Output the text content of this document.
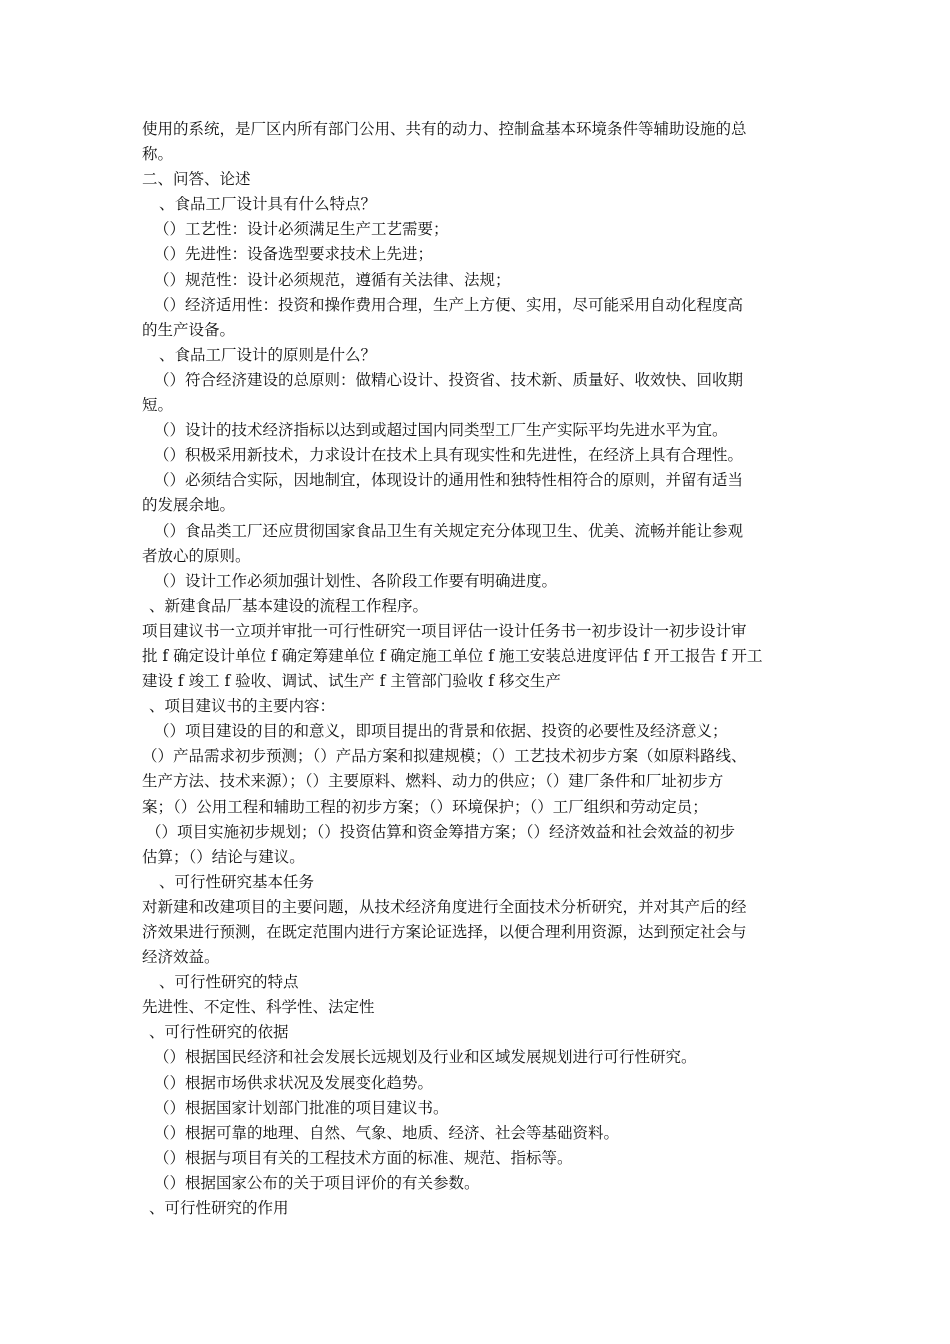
使用的系统，是厂区内所有部门公用、共有的动力、控制盒基本环境条件等辅助设施的总
称。
二、问答、论述
、食品工厂设计具有什么特点？
（）工艺性：设计必须满足生产工艺需要；
（）先进性：设备选型要求技术上先进；
（）规范性：设计必须规范，遵循有关法律、法规；
（）经济适用性：投资和操作费用合理，生产上方便、实用，尽可能采用自动化程度高
的生产设备。
、食品工厂设计的原则是什么？
（）符合经济建设的总原则：做精心设计、投资省、技术新、质量好、收效快、回收期
短。
（）设计的技术经济指标以达到或超过国内同类型工厂生产实际平均先进水平为宜。
（）积极采用新技术，力求设计在技术上具有现实性和先进性，在经济上具有合理性。
（）必须结合实际，因地制宜，体现设计的通用性和独特性相符合的原则，并留有适当
的发展余地。
（）食品类工厂还应贯彻国家食品卫生有关规定充分体现卫生、优美、流畅并能让参观
者放心的原则。
（）设计工作必须加强计划性、各阶段工作要有明确进度。
、新建食品厂基本建设的流程工作程序。
项目建议书一立项并审批一可行性研究一项目评估一设计任务书一初步设计一初步设计审
批 f 确定设计单位 f 确定筹建单位 f 确定施工单位 f 施工安装总进度评估 f 开工报告 f 开工
建设 f 竣工 f 验收、调试、试生产 f 主管部门验收 f 移交生产
、项目建议书的主要内容：
（）项目建设的目的和意义，即项目提出的背景和依据、投资的必要性及经济意义；
（）产品需求初步预测；（）产品方案和拟建规模；（）工艺技术初步方案（如原料路线、
生产方法、技术来源）；（）主要原料、燃料、动力的供应；（）建厂条件和厂址初步方
案；（）公用工程和辅助工程的初步方案；（）环境保护；（）工厂组织和劳动定员；
（）项目实施初步规划；（）投资估算和资金筹措方案；（）经济效益和社会效益的初步
估算；（）结论与建议。
、可行性研究基本任务
对新建和改建项目的主要问题，从技术经济角度进行全面技术分析研究，并对其产后的经
济效果进行预测，在既定范围内进行方案论证选择，以便合理利用资源，达到预定社会与
经济效益。
、可行性研究的特点
先进性、不定性、科学性、法定性
、可行性研究的依据
（）根据国民经济和社会发展长远规划及行业和区域发展规划进行可行性研究。
（）根据市场供求状况及发展变化趋势。
（）根据国家计划部门批准的项目建议书。
（）根据可靠的地理、自然、气象、地质、经济、社会等基础资料。
（）根据与项目有关的工程技术方面的标准、规范、指标等。
（）根据国家公布的关于项目评价的有关参数。
、可行性研究的作用
